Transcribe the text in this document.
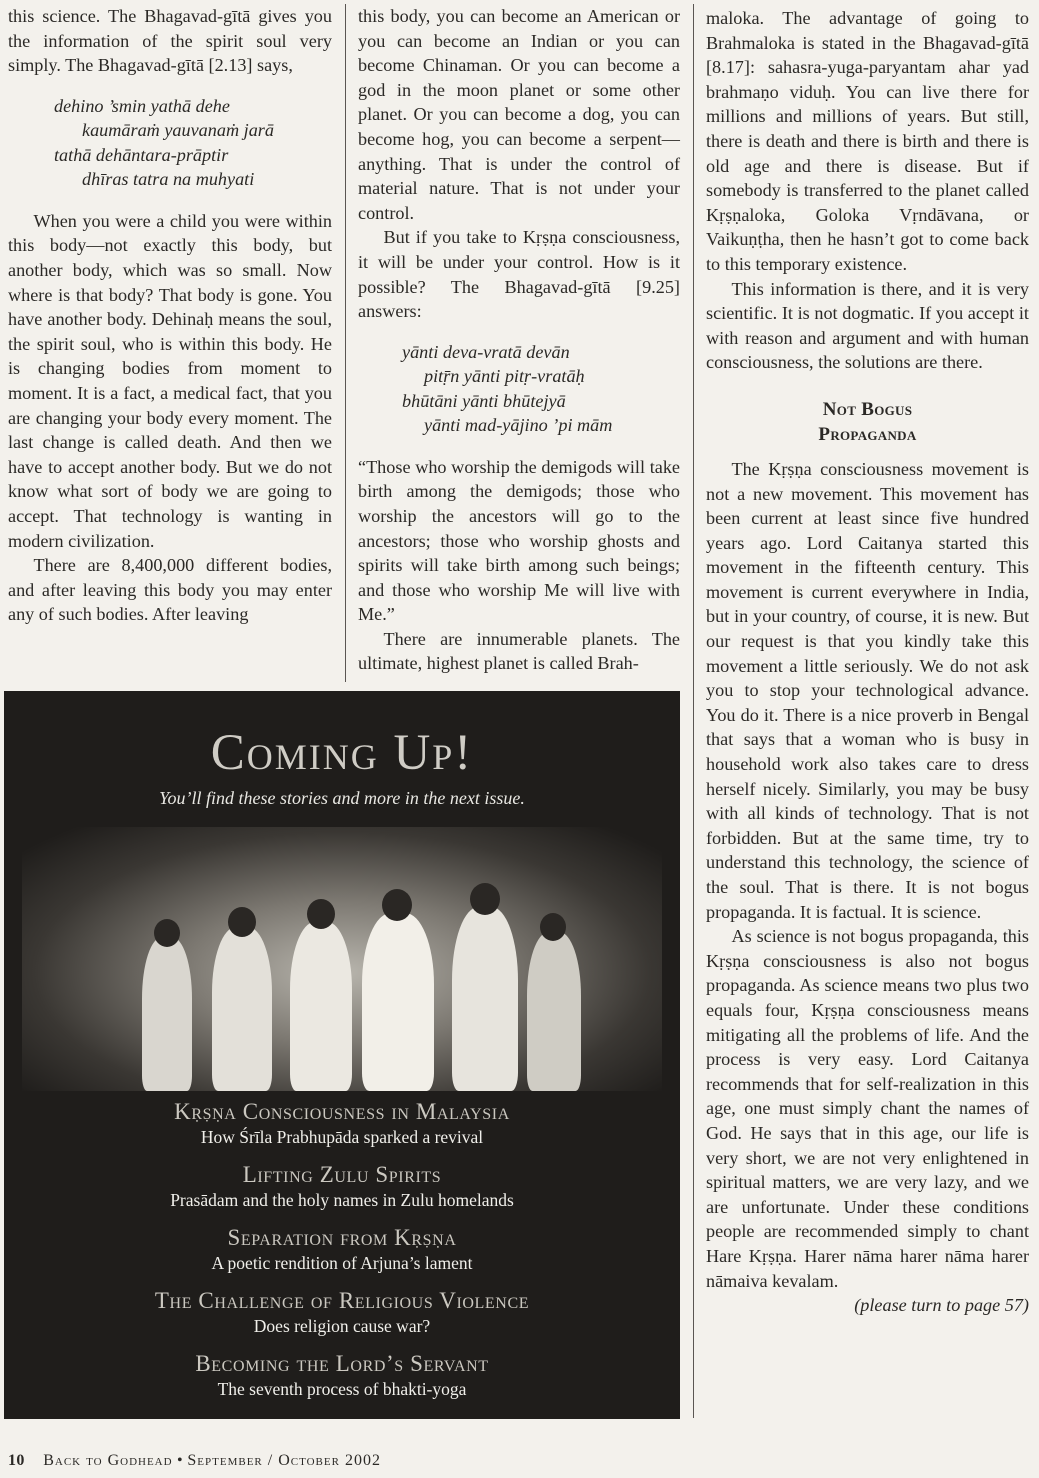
this science. The Bhagavad-gītā gives you the information of the spirit soul very simply. The Bhagavad-gītā [2.13] says,

dehino ’smin yathā dehe
kaumāraṁ yauvanaṁ jarā
tathā dehāntara-prāptir
dhīras tatra na muhyati

When you were a child you were within this body—not exactly this body, but another body, which was so small. Now where is that body? That body is gone. You have another body. Dehinaḥ means the soul, the spirit soul, who is within this body. He is changing bodies from moment to moment. It is a fact, a medical fact, that you are changing your body every moment. The last change is called death. And then we have to accept another body. But we do not know what sort of body we are going to accept. That technology is wanting in modern civilization.

There are 8,400,000 different bodies, and after leaving this body you may enter any of such bodies. After leaving

this body, you can become an American or you can become an Indian or you can become Chinaman. Or you can become a god in the moon planet or some other planet. Or you can become a dog, you can become hog, you can become a serpent—anything. That is under the control of material nature. That is not under your control.

But if you take to Kṛṣṇa consciousness, it will be under your control. How is it possible? The Bhagavad-gītā [9.25] answers:

yānti deva-vratā devān
pitṝn yānti pitṛ-vratāḥ
bhūtāni yānti bhūtejyā
yānti mad-yājino ’pi mām

“Those who worship the demigods will take birth among the demigods; those who worship the ancestors will go to the ancestors; those who worship ghosts and spirits will take birth among such beings; and those who worship Me will live with Me.”

There are innumerable planets. The ultimate, highest planet is called Brah-

maloka. The advantage of going to Brahmaloka is stated in the Bhagavad-gītā [8.17]: sahasra-yuga-paryantam ahar yad brahmaṇo viduḥ. You can live there for millions and millions of years. But still, there is death and there is birth and there is old age and there is disease. But if somebody is transferred to the planet called Kṛṣṇaloka, Goloka Vṛndāvana, or Vaikuṇṭha, then he hasn’t got to come back to this temporary existence.

This information is there, and it is very scientific. It is not dogmatic. If you accept it with reason and argument and with human consciousness, the solutions are there.

Not Bogus
Propaganda

The Kṛṣṇa consciousness movement is not a new movement. This movement has been current at least since five hundred years ago. Lord Caitanya started this movement in the fifteenth century. This movement is current everywhere in India, but in your country, of course, it is new. But our request is that you kindly take this movement a little seriously. We do not ask you to stop your technological advance. You do it. There is a nice proverb in Bengal that says that a woman who is busy in household work also takes care to dress herself nicely. Similarly, you may be busy with all kinds of technology. That is not forbidden. But at the same time, try to understand this technology, the science of the soul. That is there. It is not bogus propaganda. It is factual. It is science.

As science is not bogus propaganda, this Kṛṣṇa consciousness is also not bogus propaganda. As science means two plus two equals four, Kṛṣṇa consciousness means mitigating all the problems of life. And the process is very easy. Lord Caitanya recommends that for self-realization in this age, one must simply chant the names of God. He says that in this age, our life is very short, we are not very enlightened in spiritual matters, we are very lazy, and we are unfortunate. Under these conditions people are recommended simply to chant Hare Kṛṣṇa. Harer nāma harer nāma harer nāmaiva kevalam.

(please turn to page 57)
Coming Up!
You’ll find these stories and more in the next issue.
Kṛṣṇa Consciousness in Malaysia
How Śrīla Prabhupāda sparked a revival
Lifting Zulu Spirits
Prasādam and the holy names in Zulu homelands
Separation from Kṛṣṇa
A poetic rendition of Arjuna’s lament
The Challenge of Religious Violence
Does religion cause war?
Becoming the Lord’s Servant
The seventh process of bhakti-yoga
10 Back to Godhead • September / October 2002
